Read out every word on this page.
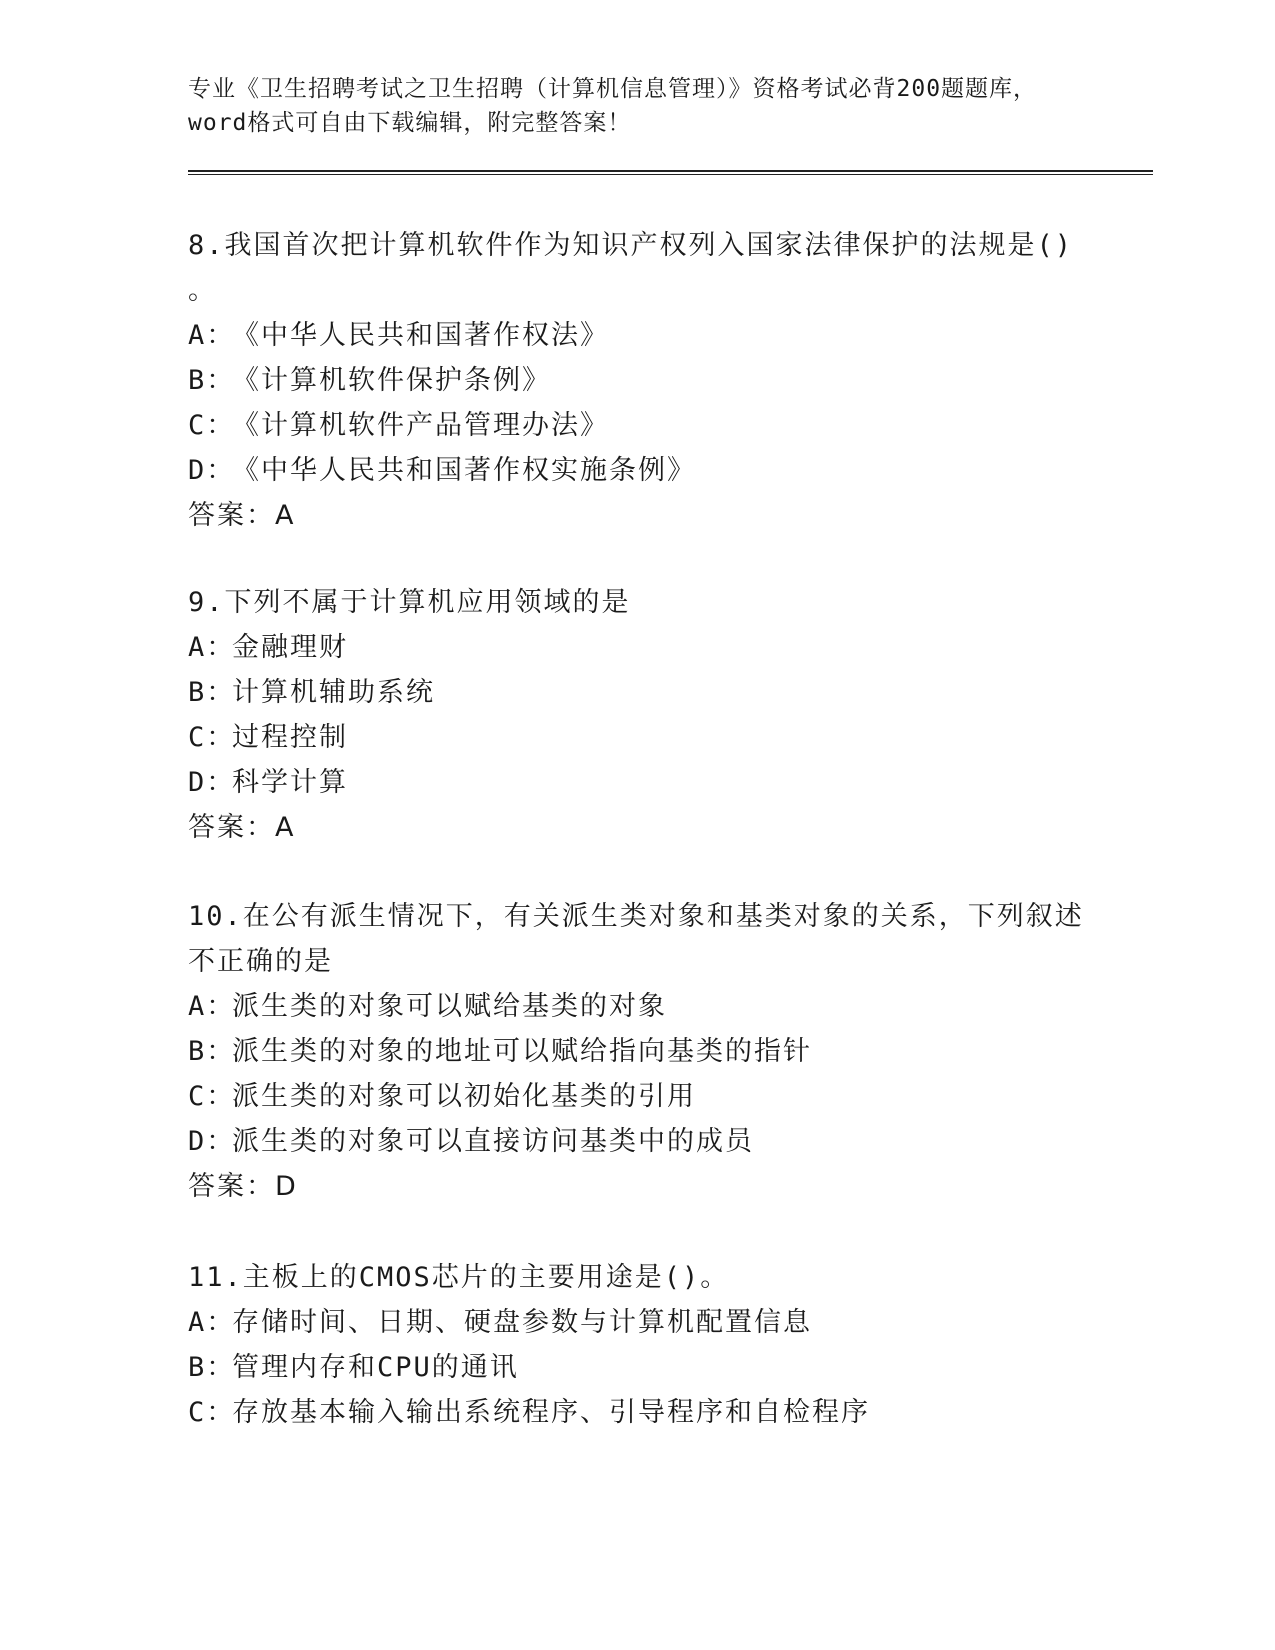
专业《卫生招聘考试之卫生招聘（计算机信息管理）》资格考试必背200题题库，

word格式可自由下载编辑，附完整答案！

8.我国首次把计算机软件作为知识产权列入国家法律保护的法规是()

。

A：《中华人民共和国著作权法》

B：《计算机软件保护条例》

C：《计算机软件产品管理办法》

D：《中华人民共和国著作权实施条例》

答案：A

9.下列不属于计算机应用领域的是

A：金融理财

B：计算机辅助系统

C：过程控制

D：科学计算

答案：A

10.在公有派生情况下，有关派生类对象和基类对象的关系，下列叙述

不正确的是

A：派生类的对象可以赋给基类的对象

B：派生类的对象的地址可以赋给指向基类的指针

C：派生类的对象可以初始化基类的引用

D：派生类的对象可以直接访问基类中的成员

答案：D

11.主板上的CMOS芯片的主要用途是()。

A：存储时间、日期、硬盘参数与计算机配置信息

B：管理内存和CPU的通讯

C：存放基本输入输出系统程序、引导程序和自检程序
